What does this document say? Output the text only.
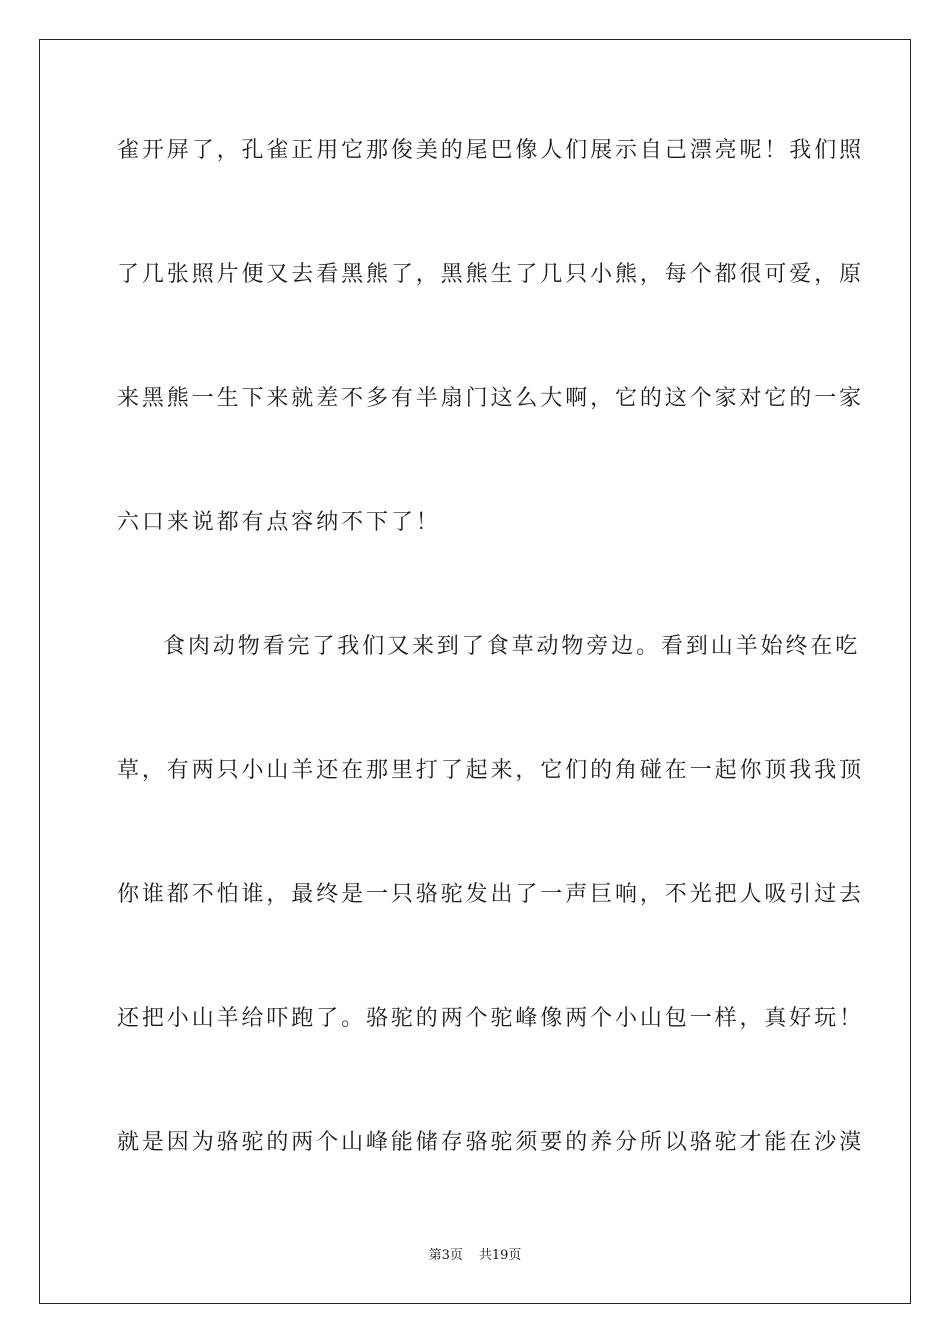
雀开屏了，孔雀正用它那俊美的尾巴像人们展示自己漂亮呢！我们照
了几张照片便又去看黑熊了，黑熊生了几只小熊，每个都很可爱，原
来黑熊一生下来就差不多有半扇门这么大啊，它的这个家对它的一家
六口来说都有点容纳不下了！
食肉动物看完了我们又来到了食草动物旁边。看到山羊始终在吃
草，有两只小山羊还在那里打了起来，它们的角碰在一起你顶我我顶
你谁都不怕谁，最终是一只骆驼发出了一声巨响，不光把人吸引过去
还把小山羊给吓跑了。骆驼的两个驼峰像两个小山包一样，真好玩！
就是因为骆驼的两个山峰能储存骆驼须要的养分所以骆驼才能在沙漠
第3页 共19页
